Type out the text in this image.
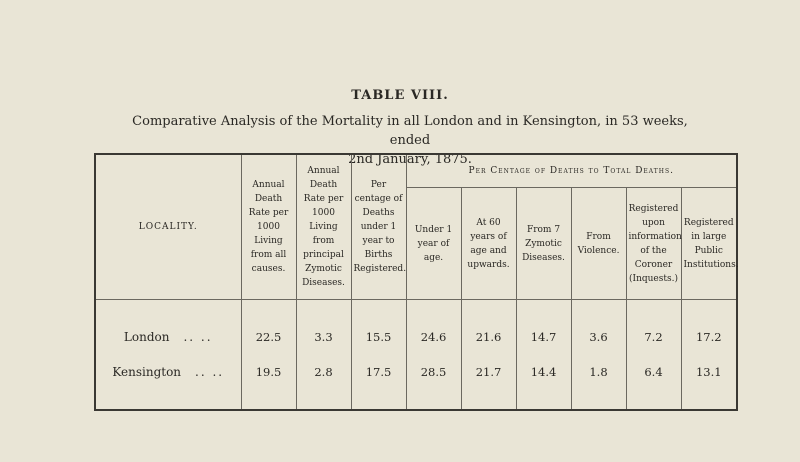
TABLE VIII.
Comparative Analysis of the Mortality in all London and in Kensington, in 53 weeks, ended
2nd January, 1875.
LOCALITY.	Annual Death Rate per 1000 Living from all causes.	Annual Death Rate per 1000 Living from principal Zymotic Diseases.	Per centage of Deaths under 1 year to Births Registered.	Per Centage of Deaths to Total Deaths.					
				Under 1 year of age.	At 60 years of age and upwards.	From 7 Zymotic Diseases.	From Violence.	Registered upon information of the Coroner (Inquests.)	Registered in large Public Institutions.

London .. ..	22.5	3.3	15.5	24.6	21.6	14.7	3.6	7.2	17.2
Kensington .. ..	19.5	2.8	17.5	28.5	21.7	14.4	1.8	6.4	13.1
